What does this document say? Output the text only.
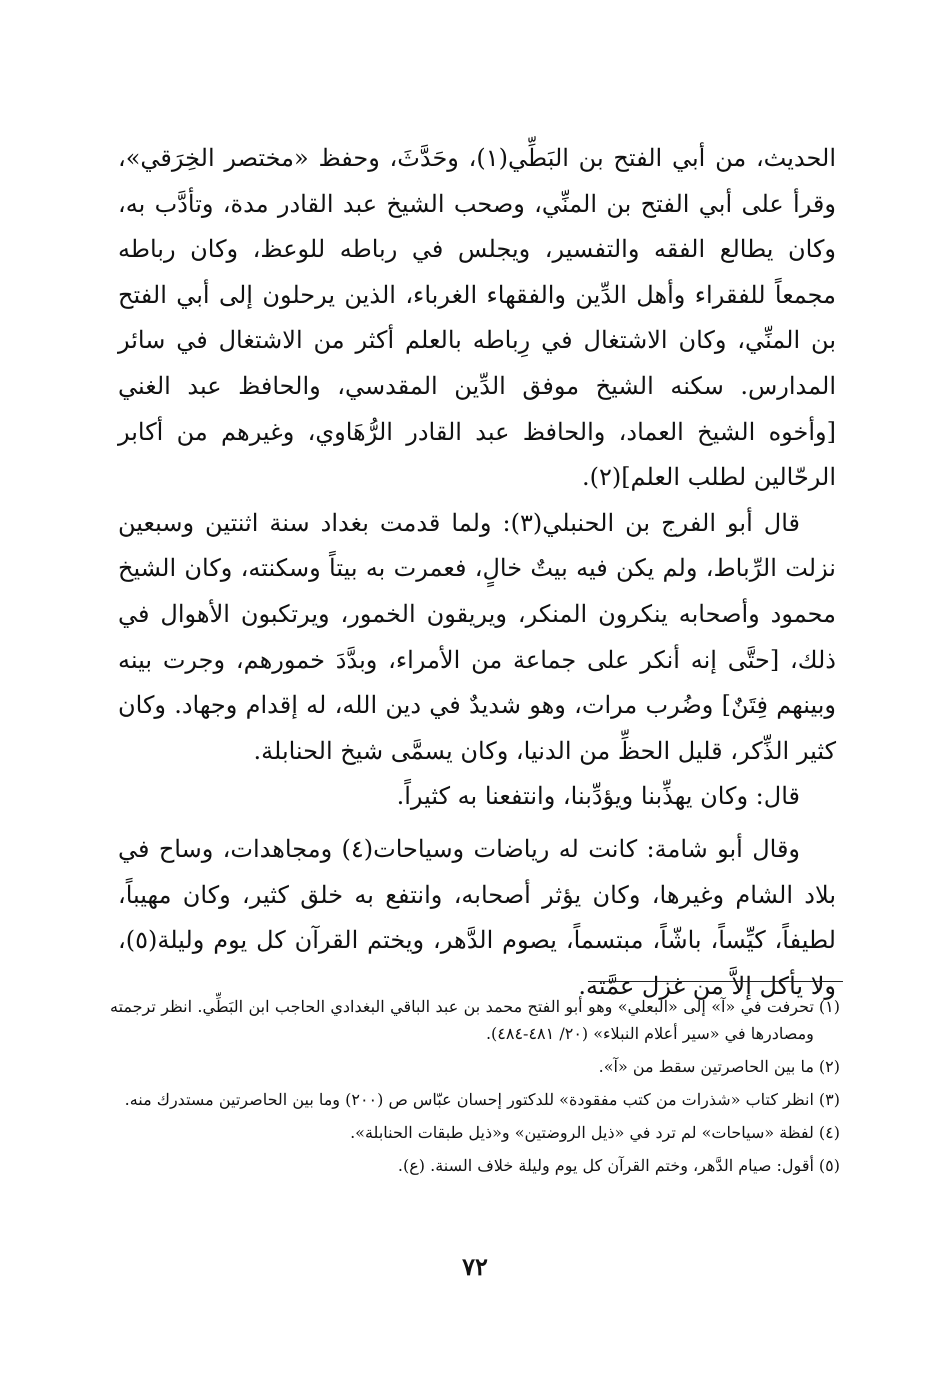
الحديث، من أبي الفتح بن البَطِّي(١)، وحَدَّثَ، وحفظ «مختصر الخِرَقي»، وقرأ على أبي الفتح بن المنِّي، وصحب الشيخ عبد القادر مدة، وتأدَّب به، وكان يطالع الفقه والتفسير، ويجلس في رباطه للوعظ، وكان رباطه مجمعاً للفقراء وأهل الدِّين والفقهاء الغرباء، الذين يرحلون إلى أبي الفتح بن المنِّي، وكان الاشتغال في رِباطه بالعلم أكثر من الاشتغال في سائر المدارس. سكنه الشيخ موفق الدِّين المقدسي، والحافظ عبد الغني [وأخوه الشيخ العماد، والحافظ عبد القادر الرُّهَاوي، وغيرهم من أكابر الرحّالين لطلب العلم](٢).

قال أبو الفرج بن الحنبلي(٣): ولما قدمت بغداد سنة اثنتين وسبعين نزلت الرِّباط، ولم يكن فيه بيتٌ خالٍ، فعمرت به بيتاً وسكنته، وكان الشيخ محمود وأصحابه ينكرون المنكر، ويريقون الخمور، ويرتكبون الأهوال في ذلك، [حتَّى إنه أنكر على جماعة من الأمراء، وبدَّدَ خمورهم، وجرت بينه وبينهم فِتَنٌ] وضُرب مرات، وهو شديدٌ في دين الله، له إقدام وجهاد. وكان كثير الذِّكر، قليل الحظِّ من الدنيا، وكان يسمَّى شيخ الحنابلة.

قال: وكان يهذِّبنا ويؤدِّبنا، وانتفعنا به كثيراً.

وقال أبو شامة: كانت له رياضات وسياحات(٤) ومجاهدات، وساح في بلاد الشام وغيرها، وكان يؤثر أصحابه، وانتفع به خلق كثير، وكان مهيباً، لطيفاً، كيِّساً، باشّاً، مبتسماً، يصوم الدَّهر، ويختم القرآن كل يوم وليلة(٥)، ولا يأكل إلاَّ من غزل عمَّته.

(١)
تحرفت في «آ» إلى «البعلي» وهو أبو الفتح محمد بن عبد الباقي البغدادي الحاجب ابن البَطِّي. انظر ترجمته ومصادرها في «سير أعلام النبلاء» (٢٠/ ٤٨١-٤٨٤).
(٢)
ما بين الحاصرتين سقط من «آ».
(٣)
انظر كتاب «شذرات من كتب مفقودة» للدكتور إحسان عبّاس ص (٢٠٠) وما بين الحاصرتين مستدرك منه.
(٤)
لفظة «سياحات» لم ترد في «ذيل الروضتين» و«ذيل طبقات الحنابلة».
(٥)
أقول: صيام الدَّهر، وختم القرآن كل يوم وليلة خلاف السنة. (ع).
٧٢
